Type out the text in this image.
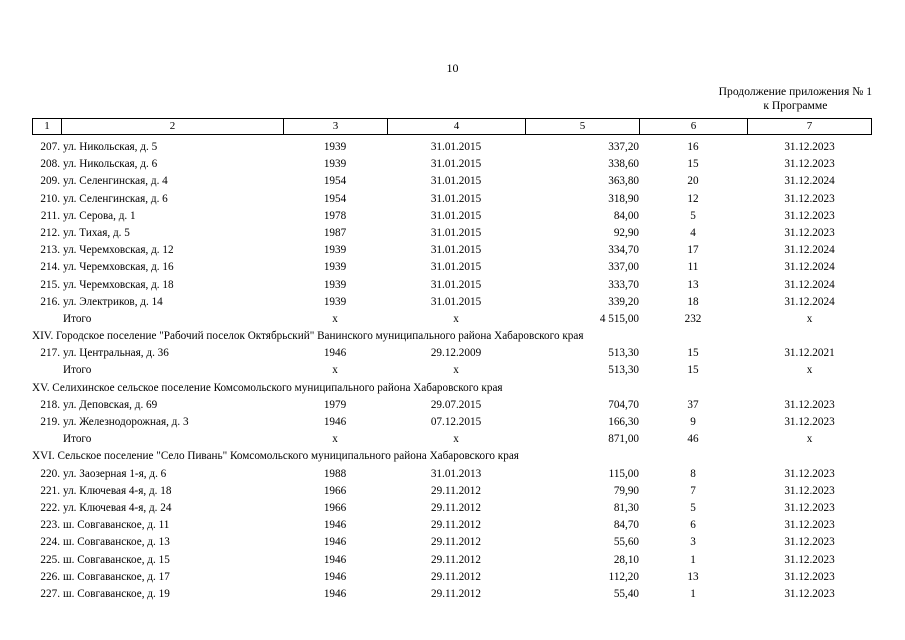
10
Продолжение приложения № 1
к Программе
1	2	3	4	5	6	7
207. ул. Никольская, д. 5	1939	31.01.2015	337,20	16	31.12.2023
208. ул. Никольская, д. 6	1939	31.01.2015	338,60	15	31.12.2023
209. ул. Селенгинская, д. 4	1954	31.01.2015	363,80	20	31.12.2024
210. ул. Селенгинская, д. 6	1954	31.01.2015	318,90	12	31.12.2023
211. ул. Серова, д. 1	1978	31.01.2015	84,00	5	31.12.2023
212. ул. Тихая, д. 5	1987	31.01.2015	92,90	4	31.12.2023
213. ул. Черемховская, д. 12	1939	31.01.2015	334,70	17	31.12.2024
214. ул. Черемховская, д. 16	1939	31.01.2015	337,00	11	31.12.2024
215. ул. Черемховская, д. 18	1939	31.01.2015	333,70	13	31.12.2024
216. ул. Электриков, д. 14	1939	31.01.2015	339,20	18	31.12.2024
Итого	х	х	4 515,00	232	х
XIV. Городское поселение "Рабочий поселок Октябрьский" Ванинского муниципального района Хабаровского края
217. ул. Центральная, д. 36	1946	29.12.2009	513,30	15	31.12.2021
Итого	х	х	513,30	15	х
XV. Селихинское сельское поселение Комсомольского муниципального района Хабаровского края
218. ул. Деповская, д. 69	1979	29.07.2015	704,70	37	31.12.2023
219. ул. Железнодорожная, д. 3	1946	07.12.2015	166,30	9	31.12.2023
Итого	х	х	871,00	46	х
XVI. Сельское поселение "Село Пивань" Комсомольского муниципального района Хабаровского края
220. ул. Заозерная 1-я, д. 6	1988	31.01.2013	115,00	8	31.12.2023
221. ул. Ключевая 4-я, д. 18	1966	29.11.2012	79,90	7	31.12.2023
222. ул. Ключевая 4-я, д. 24	1966	29.11.2012	81,30	5	31.12.2023
223. ш. Совгаванское, д. 11	1946	29.11.2012	84,70	6	31.12.2023
224. ш. Совгаванское, д. 13	1946	29.11.2012	55,60	3	31.12.2023
225. ш. Совгаванское, д. 15	1946	29.11.2012	28,10	1	31.12.2023
226. ш. Совгаванское, д. 17	1946	29.11.2012	112,20	13	31.12.2023
227. ш. Совгаванское, д. 19	1946	29.11.2012	55,40	1	31.12.2023
